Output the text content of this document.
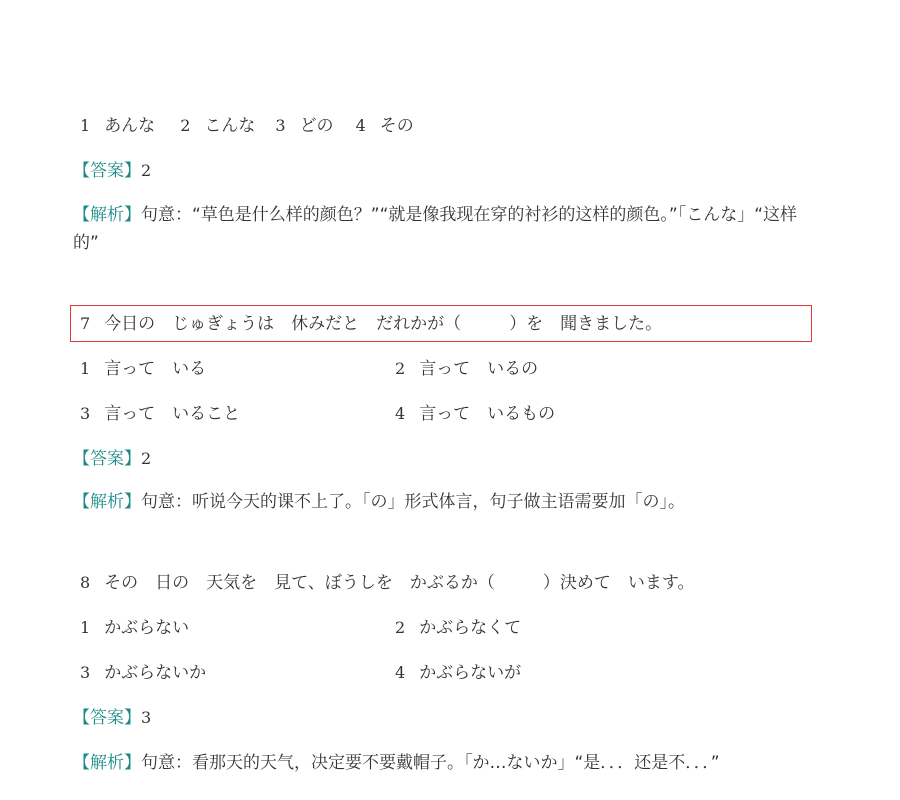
1 あんな 2 こんな 3 どの 4 その
【答案】2
【解析】句意：“草色是什么样的颜色？”“就是像我现在穿的衬衫的这样的颜色。”「こんな」“这样的”
7 今日の　じゅぎょうは　休みだと　だれかが（	）を　聞きました。
1 言って　いる	2 言って　いるの
3 言って　いること	4 言って　いるもの
【答案】2
【解析】句意：听说今天的课不上了。「の」形式体言，句子做主语需要加「の」。
8 その　日の　天気を　見て、ぼうしを　かぶるか（	）決めて　います。
1 かぶらない	2 かぶらなくて
3 かぶらないか	4 かぶらないが
【答案】3
【解析】句意：看那天的天气，决定要不要戴帽子。「か…ないか」“是．．．还是不．．．”
